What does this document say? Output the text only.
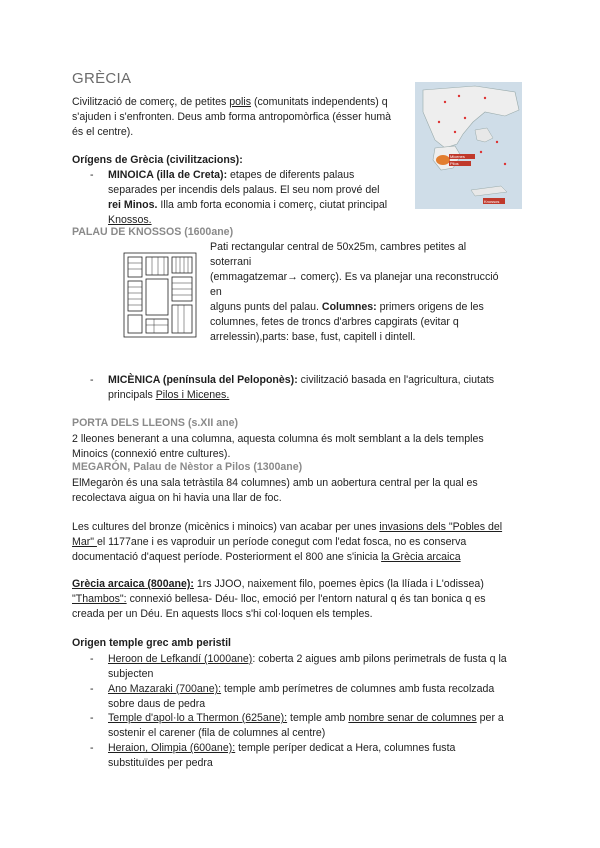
GRÈCIA
Civilització de comerç, de petites polis (comunitats independents) q
s'ajuden i s'enfronten. Deus amb forma antropomòrfica (ésser humà
és el centre).
Micenes
Pilos
Knossos
Orígens de Grècia (civilitzacions):
- MINOICA (illa de Creta): etapes de diferents palaus
separades per incendis dels palaus. El seu nom prové del
rei Minos. Illa amb forta economia i comerç, ciutat principal
Knossos.
PALAU DE KNOSSOS (1600ane)
Pati rectangular central de 50x25m, cambres petites al soterrani
(emmagatzemar→ comerç). Es va planejar una reconstrucció en
alguns punts del palau. Columnes: primers origens de les
columnes, fetes de troncs d'arbres capgirats (evitar q
arrelessin),parts: base, fust, capitell i dintell.
- MICÈNICA (península del Peloponès): civilització basada en l'agricultura, ciutats
principals Pilos i Micenes.
PORTA DELS LLEONS (s.XII ane)
2 lleones benerant a una columna, aquesta columna és molt semblant a la dels temples
Minoics (connexió entre cultures).
MEGARÓN, Palau de Nèstor a Pilos (1300ane)
ElMegaròn és una sala tetràstila 84 columnes) amb un aobertura central per la qual es
recolectava aigua on hi havia una llar de foc.
Les cultures del bronze (micènics i minoics) van acabar per unes invasions dels "Pobles del
Mar" el 1177ane i es vaproduir un període conegut com l'edat fosca, no es conserva
documentació d'aquest període. Posteriorment el 800 ane s'inicia la Grècia arcaica
Grècia arcaica (800ane): 1rs JJOO, naixement filo, poemes èpics (la Ilíada i L'odissea)
"Thambos": connexió bellesa- Déu- lloc, emoció per l'entorn natural q és tan bonica q es
creada per un Déu. En aquests llocs s'hi col·loquen els temples.
Origen temple grec amb peristil
- Heroon de Lefkandí (1000ane): coberta 2 aigues amb pilons perimetrals de fusta q la
subjecten
- Ano Mazaraki (700ane): temple amb perímetres de columnes amb fusta recolzada
sobre daus de pedra
- Temple d'apol·lo a Thermon (625ane): temple amb nombre senar de columnes per a
sostenir el carener (fila de columnes al centre)
- Heraion, Olimpia (600ane): temple períper dedicat a Hera, columnes fusta
substituïdes per pedra
